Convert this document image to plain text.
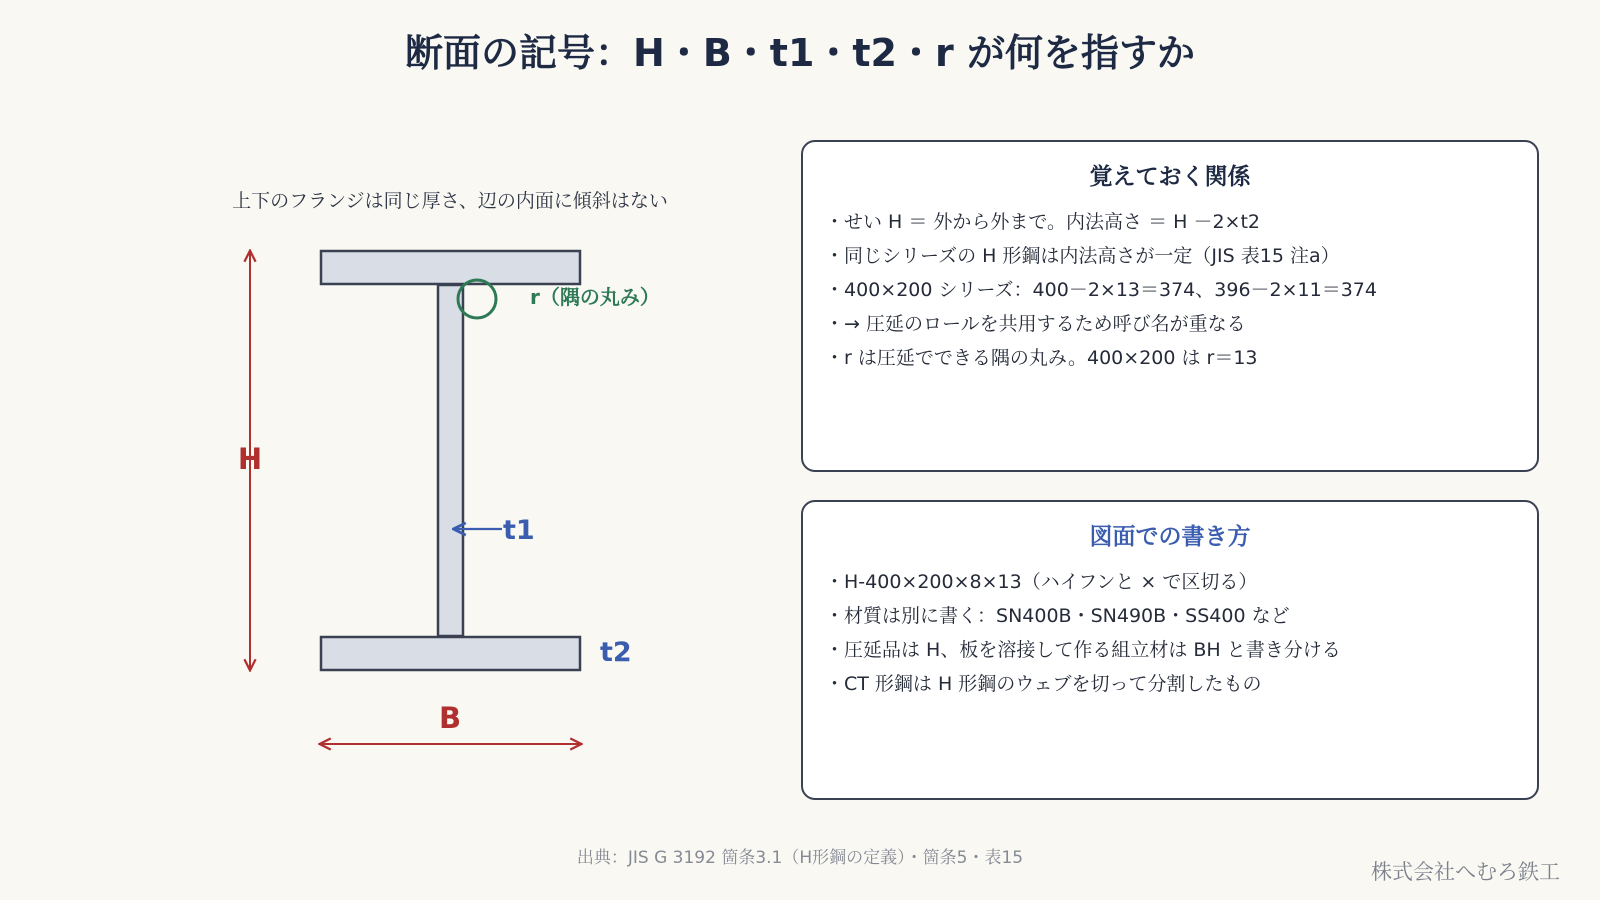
断面の記号：H・B・t1・t2・r が何を指すか
上下のフランジは同じ厚さ、辺の内面に傾斜はない
H
B
t1
t2
r（隅の丸み）
覚えておく関係
・ せい H ＝ 外から外まで。内法高さ ＝ H －2×t2
・ 同じシリーズの H 形鋼は内法高さが一定（JIS 表15 注a）
・ 400×200 シリーズ：400－2×13＝374、396－2×11＝374
・ → 圧延のロールを共用するため呼び名が重なる
・ r は圧延でできる隅の丸み。400×200 は r＝13
図面での書き方
・ H-400×200×8×13（ハイフンと × で区切る）
・ 材質は別に書く：SN400B・SN490B・SS400 など
・ 圧延品は H、板を溶接して作る組立材は BH と書き分ける
・ CT 形鋼は H 形鋼のウェブを切って分割したもの
出典：JIS G 3192 箇条3.1（H形鋼の定義）・箇条5・表15
株式会社へむろ鉄工
